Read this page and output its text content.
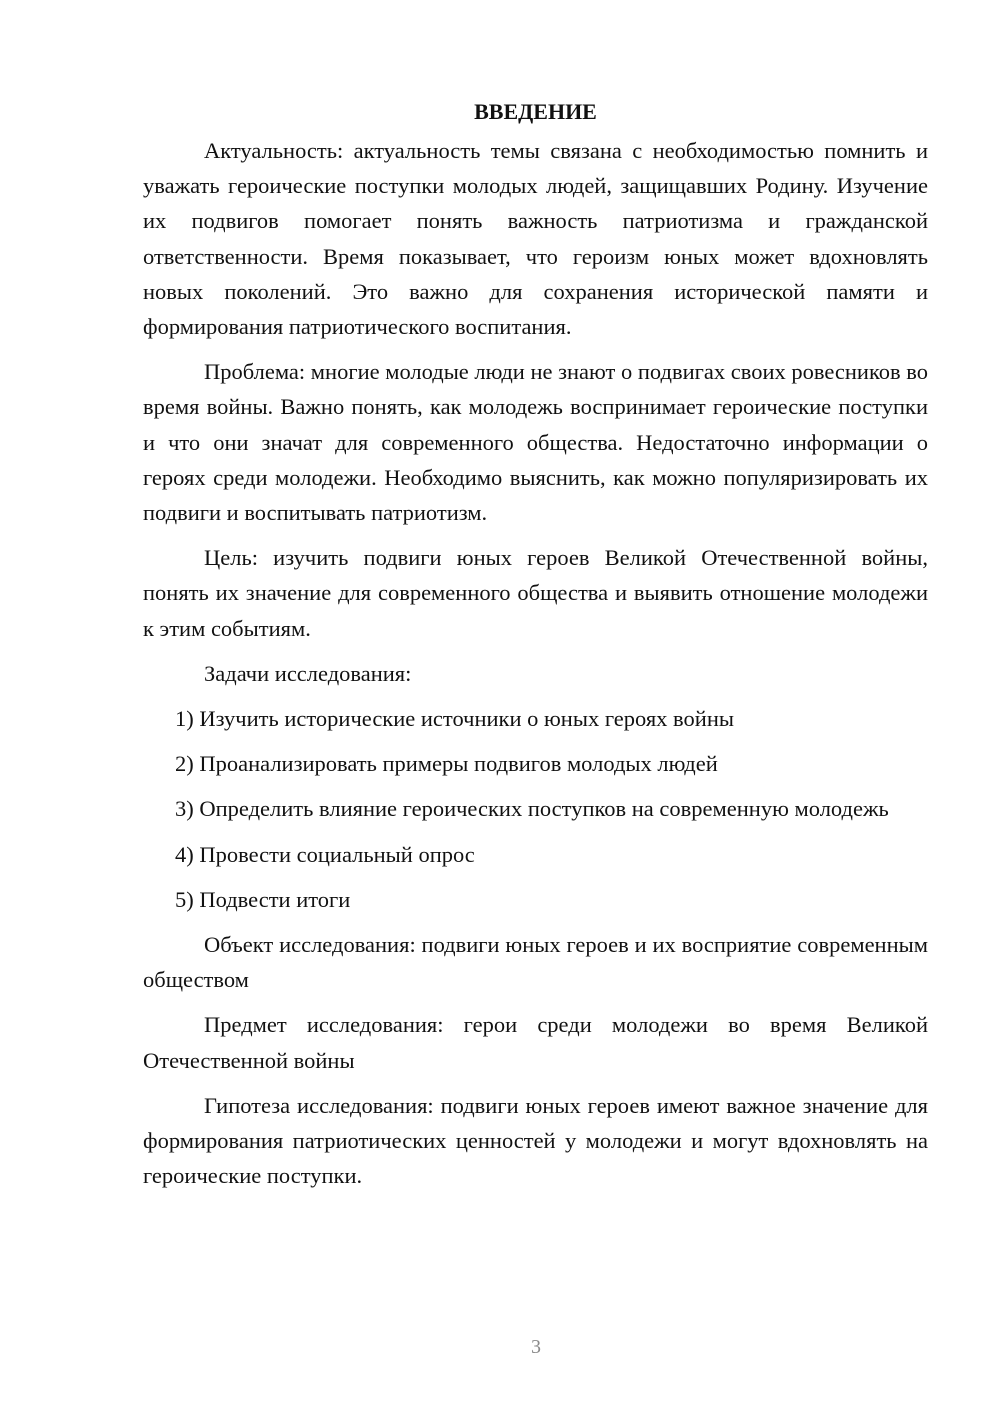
ВВЕДЕНИЕ

Актуальность: актуальность темы связана с необходимостью помнить и уважать героические поступки молодых людей, защищавших Родину. Изучение их подвигов помогает понять важность патриотизма и гражданской ответственности. Время показывает, что героизм юных может вдохновлять новых поколений. Это важно для сохранения исторической памяти и формирования патриотического воспитания.

Проблема: многие молодые люди не знают о подвигах своих ровесников во время войны. Важно понять, как молодежь воспринимает героические поступки и что они значат для современного общества. Недостаточно информации о героях среди молодежи. Необходимо выяснить, как можно популяризировать их подвиги и воспитывать патриотизм.

Цель: изучить подвиги юных героев Великой Отечественной войны, понять их значение для современного общества и выявить отношение молодежи к этим событиям.

Задачи исследования:

1) Изучить исторические источники о юных героях войны

2) Проанализировать примеры подвигов молодых людей

3) Определить влияние героических поступков на современную молодежь

4) Провести социальный опрос

5) Подвести итоги

Объект исследования: подвиги юных героев и их восприятие современным обществом

Предмет исследования: герои среди молодежи во время Великой Отечественной войны

Гипотеза исследования: подвиги юных героев имеют важное значение для формирования патриотических ценностей у молодежи и могут вдохновлять на героические поступки.

3
